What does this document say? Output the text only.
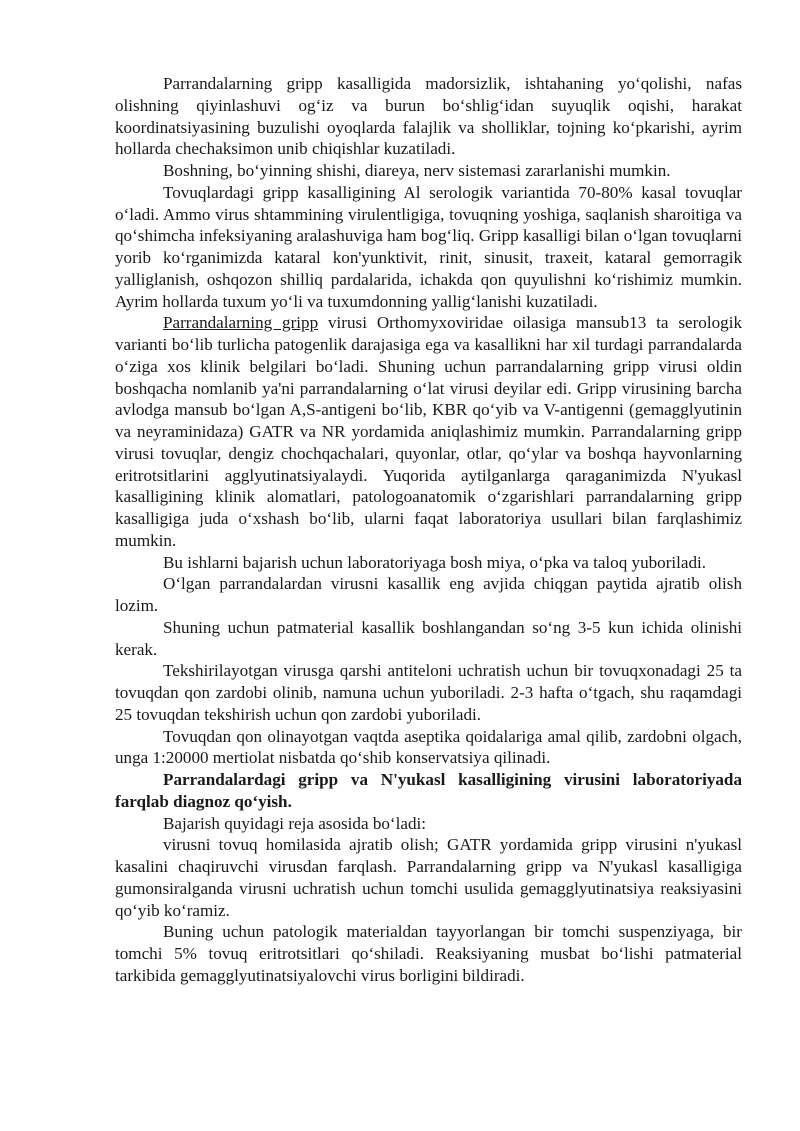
Parrandalarning gripp kasalligida madorsizlik, ishtahaning yo‘qolishi, nafas olishning qiyinlashuvi og‘iz va burun bo‘shlig‘idan suyuqlik oqishi, harakat koordinatsiyasining buzulishi oyoqlarda falajlik va sholliklar, tojning ko‘pkarishi, ayrim hollarda chechaksimon unib chiqishlar kuzatiladi.

Boshning, bo‘yinning shishi, diareya, nerv sistemasi zararlanishi mumkin.

Tovuqlardagi gripp kasalligining Al serologik variantida 70-80% kasal tovuqlar o‘ladi. Ammo virus shtammining virulentligiga, tovuqning yoshiga, saqlanish sharoitiga va qo‘shimcha infeksiyaning aralashuviga ham bog‘liq. Gripp kasalligi bilan o‘lgan tovuqlarni yorib ko‘rganimizda kataral kon'yunktivit, rinit, sinusit, traxeit, kataral gemorragik yalliglanish, oshqozon shilliq pardalarida, ichakda qon quyulishni ko‘rishimiz mumkin. Ayrim hollarda tuxum yo‘li va tuxumdonning yallig‘lanishi kuzatiladi.

Parrandalarning gripp virusi Orthomyxoviridae oilasiga mansub13 ta serologik varianti bo‘lib turlicha patogenlik darajasiga ega va kasallikni har xil turdagi parrandalarda o‘ziga xos klinik belgilari bo‘ladi. Shuning uchun parrandalarning gripp virusi oldin boshqacha nomlanib ya'ni parrandalarning o‘lat virusi deyilar edi. Gripp virusining barcha avlodga mansub bo‘lgan A,S-antigeni bo‘lib, KBR qo‘yib va V-antigenni (gemagglyutinin va neyraminidaza) GATR va NR yordamida aniqlashimiz mumkin. Parrandalarning gripp virusi tovuqlar, dengiz chochqachalari, quyonlar, otlar, qo‘ylar va boshqa hayvonlarning eritrotsitlarini agglyutinatsiyalaydi. Yuqorida aytilganlarga qaraganimizda N'yukasl kasalligining klinik alomatlari, patologoanatomik o‘zgarishlari parrandalarning gripp kasalligiga juda o‘xshash bo‘lib, ularni faqat laboratoriya usullari bilan farqlashimiz mumkin.

Bu ishlarni bajarish uchun laboratoriyaga bosh miya, o‘pka va taloq yuboriladi.

O‘lgan parrandalardan virusni kasallik eng avjida chiqgan paytida ajratib olish lozim.

Shuning uchun patmaterial kasallik boshlangandan so‘ng 3-5 kun ichida olinishi kerak.

Tekshirilayotgan virusga qarshi antiteloni uchratish uchun bir tovuqxonadagi 25 ta tovuqdan qon zardobi olinib, namuna uchun yuboriladi. 2-3 hafta o‘tgach, shu raqamdagi 25 tovuqdan tekshirish uchun qon zardobi yuboriladi.

Tovuqdan qon olinayotgan vaqtda aseptika qoidalariga amal qilib, zardobni olgach, unga 1:20000 mertiolat nisbatda qo‘shib konservatsiya qilinadi.

Parrandalardagi gripp va N'yukasl kasalligining virusini laboratoriyada farqlab diagnoz qo‘yish.

Bajarish quyidagi reja asosida bo‘ladi:

virusni tovuq homilasida ajratib olish; GATR yordamida gripp virusini n'yukasl kasalini chaqiruvchi virusdan farqlash. Parrandalarning gripp va N'yukasl kasalligiga gumonsiralganda virusni uchratish uchun tomchi usulida gemagglyutinatsiya reaksiyasini qo‘yib ko‘ramiz.

Buning uchun patologik materialdan tayyorlangan bir tomchi suspenziyaga, bir tomchi 5% tovuq eritrotsitlari qo‘shiladi. Reaksiyaning musbat bo‘lishi patmaterial tarkibida gemagglyutinatsiyalovchi virus borligini bildiradi.
